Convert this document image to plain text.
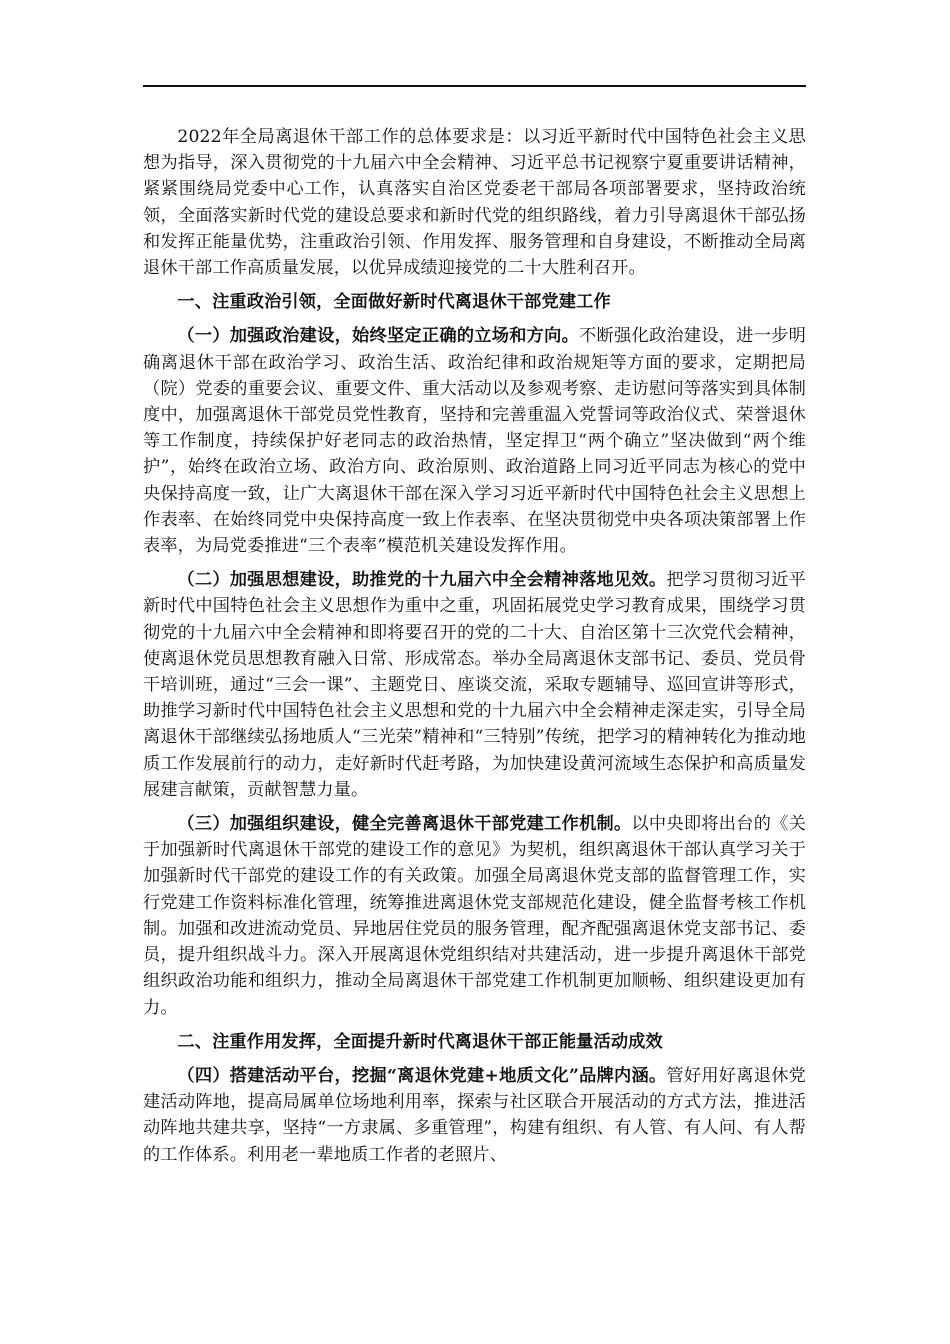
2022年全局离退休干部工作的总体要求是：以习近平新时代中国特色社会主义思想为指导，深入贯彻党的十九届六中全会精神、习近平总书记视察宁夏重要讲话精神，紧紧围绕局党委中心工作，认真落实自治区党委老干部局各项部署要求，坚持政治统领，全面落实新时代党的建设总要求和新时代党的组织路线，着力引导离退休干部弘扬和发挥正能量优势，注重政治引领、作用发挥、服务管理和自身建设，不断推动全局离退休干部工作高质量发展，以优异成绩迎接党的二十大胜利召开。

一、注重政治引领，全面做好新时代离退休干部党建工作

（一）加强政治建设，始终坚定正确的立场和方向。不断强化政治建设，进一步明确离退休干部在政治学习、政治生活、政治纪律和政治规矩等方面的要求，定期把局（院）党委的重要会议、重要文件、重大活动以及参观考察、走访慰问等落实到具体制度中，加强离退休干部党员党性教育，坚持和完善重温入党誓词等政治仪式、荣誉退休等工作制度，持续保护好老同志的政治热情，坚定捍卫“两个确立”坚决做到“两个维护”，始终在政治立场、政治方向、政治原则、政治道路上同习近平同志为核心的党中央保持高度一致，让广大离退休干部在深入学习习近平新时代中国特色社会主义思想上作表率、在始终同党中央保持高度一致上作表率、在坚决贯彻党中央各项决策部署上作表率，为局党委推进“三个表率”模范机关建设发挥作用。

（二）加强思想建设，助推党的十九届六中全会精神落地见效。把学习贯彻习近平新时代中国特色社会主义思想作为重中之重，巩固拓展党史学习教育成果，围绕学习贯彻党的十九届六中全会精神和即将要召开的党的二十大、自治区第十三次党代会精神，使离退休党员思想教育融入日常、形成常态。举办全局离退休支部书记、委员、党员骨干培训班，通过“三会一课”、主题党日、座谈交流，采取专题辅导、巡回宣讲等形式，助推学习新时代中国特色社会主义思想和党的十九届六中全会精神走深走实，引导全局离退休干部继续弘扬地质人“三光荣”精神和“三特别”传统，把学习的精神转化为推动地质工作发展前行的动力，走好新时代赶考路，为加快建设黄河流域生态保护和高质量发展建言献策，贡献智慧力量。

（三）加强组织建设，健全完善离退休干部党建工作机制。以中央即将出台的《关于加强新时代离退休干部党的建设工作的意见》为契机，组织离退休干部认真学习关于加强新时代干部党的建设工作的有关政策。加强全局离退休党支部的监督管理工作，实行党建工作资料标准化管理，统筹推进离退休党支部规范化建设，健全监督考核工作机制。加强和改进流动党员、异地居住党员的服务管理，配齐配强离退休党支部书记、委员，提升组织战斗力。深入开展离退休党组织结对共建活动，进一步提升离退休干部党组织政治功能和组织力，推动全局离退休干部党建工作机制更加顺畅、组织建设更加有力。

二、注重作用发挥，全面提升新时代离退休干部正能量活动成效

（四）搭建活动平台，挖掘“离退休党建+地质文化”品牌内涵。管好用好离退休党建活动阵地，提高局属单位场地利用率，探索与社区联合开展活动的方式方法，推进活动阵地共建共享，坚持“一方隶属、多重管理”，构建有组织、有人管、有人问、有人帮的工作体系。利用老一辈地质工作者的老照片、
